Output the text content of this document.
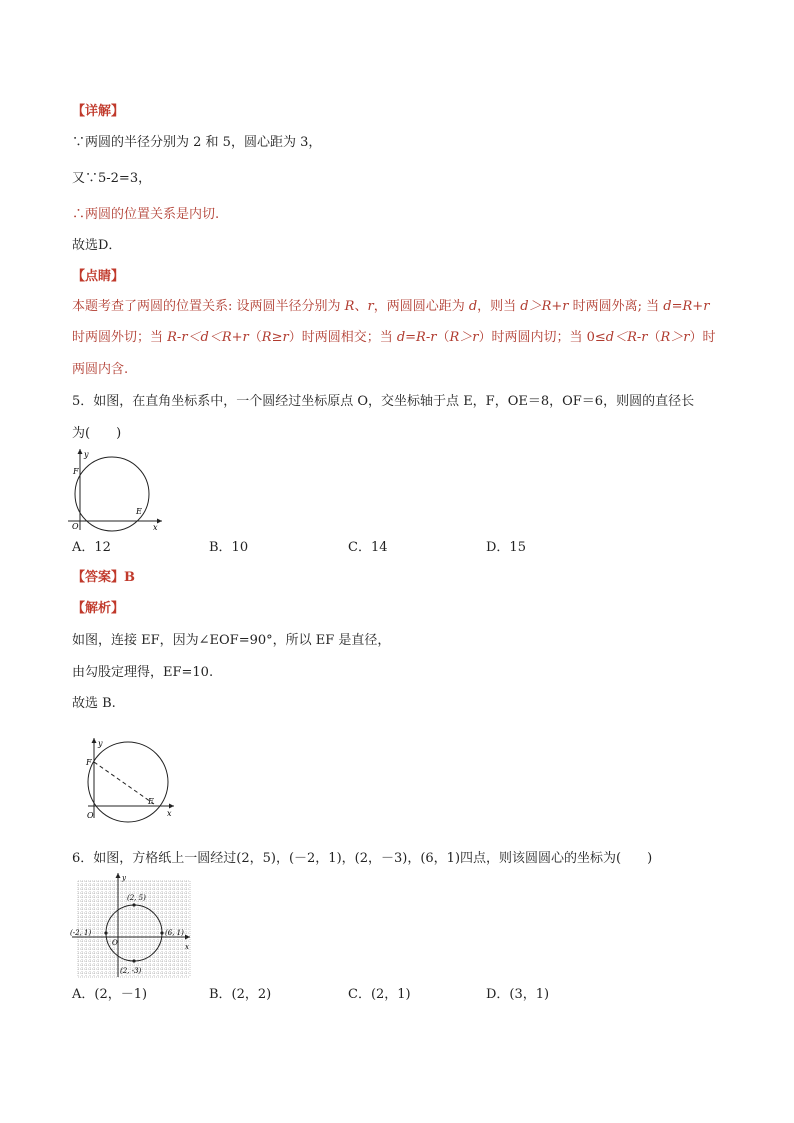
【详解】
∵两圆的半径分别为 2 和 5，圆心距为 3，
又∵5-2=3，
∴两圆的位置关系是内切.
故选D．
【点睛】
本题考查了两圆的位置关系: 设两圆半径分别为 R、r，两圆圆心距为 d，则当 d＞R+r 时两圆外离; 当 d=R+r
时两圆外切；当 R-r＜d＜R+r（R≥r）时两圆相交；当 d=R-r（R＞r）时两圆内切；当 0≤d＜R-r（R＞r）时
两圆内含.
5．如图，在直角坐标系中，一个圆经过坐标原点 O，交坐标轴于点 E，F，OE＝8，OF＝6，则圆的直径长
为(　　)
y
F
O
E
x
A．12	B．10	C．14	D．15
【答案】B
【解析】
如图，连接 EF，因为∠EOF=90°，所以 EF 是直径，
由勾股定理得，EF=10.
故选 B.
y
F
O
E
x
6．如图，方格纸上一圆经过(2，5)，(－2，1)，(2，－3)，(6，1)四点，则该圆圆心的坐标为(　　)
(2, 5)
(-2, 1)	(6, 1)
(2, -3)
x
y
O
A．(2，－1)	B．(2，2)	C．(2，1)	D．(3，1)
